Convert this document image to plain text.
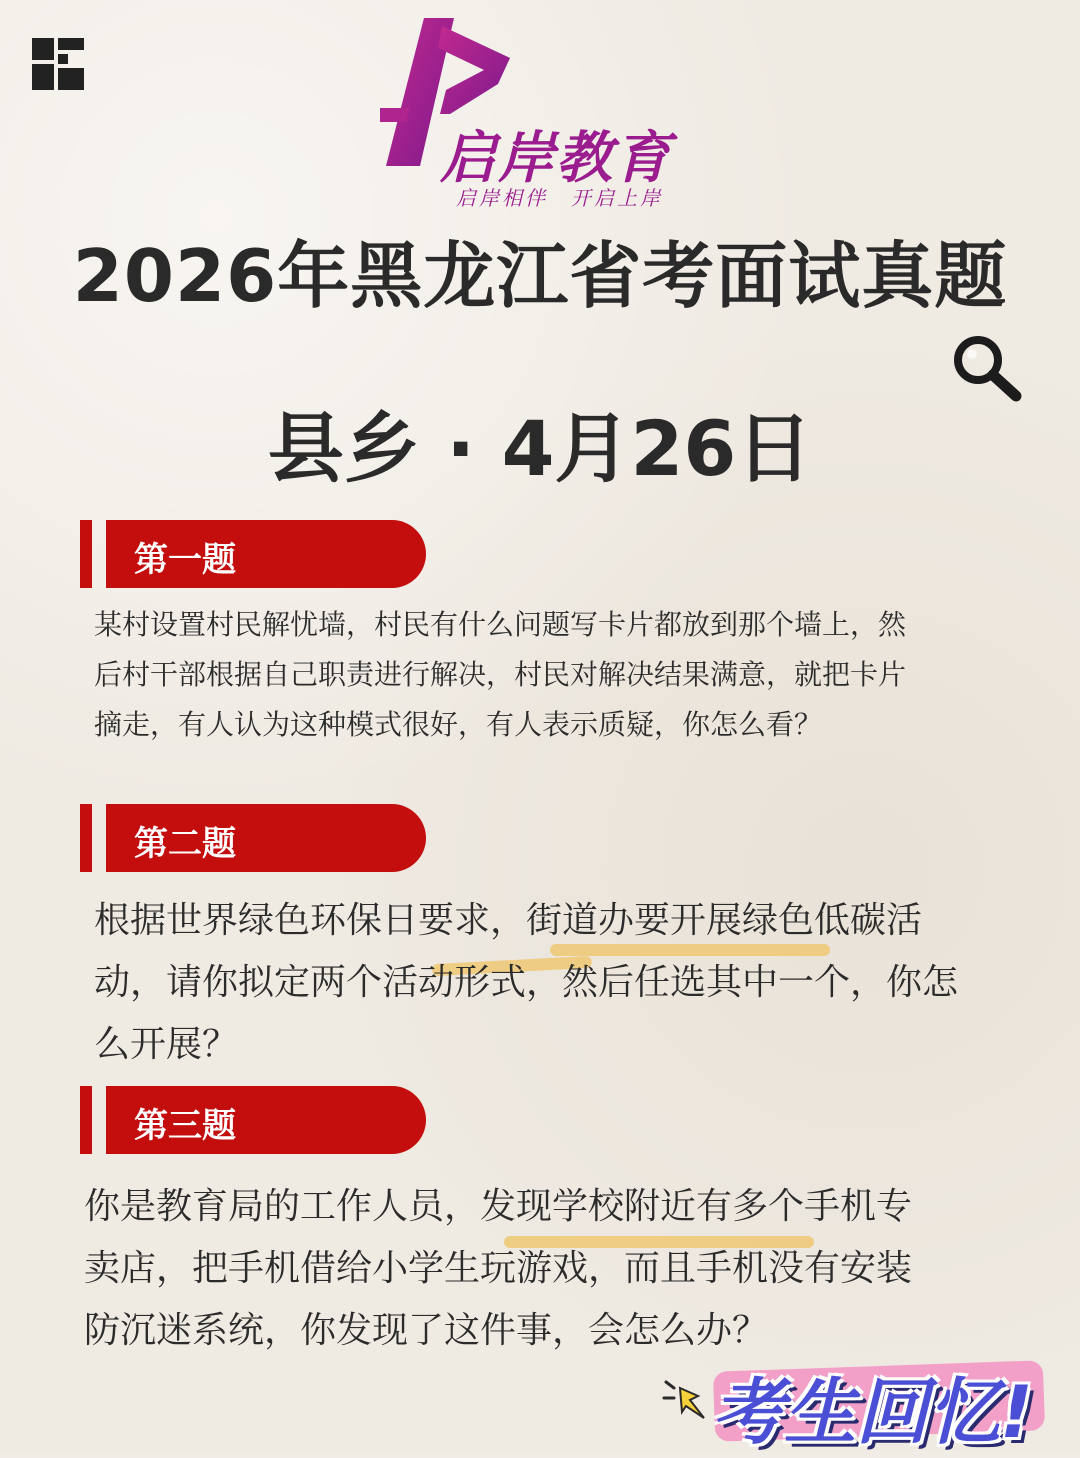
启岸教育
启岸相伴　开启上岸
2026年黑龙江省考面试真题
县乡 · 4月26日
第一题
某村设置村民解忧墙，村民有什么问题写卡片都放到那个墙上，然
后村干部根据自己职责进行解决，村民对解决结果满意，就把卡片
摘走，有人认为这种模式很好，有人表示质疑，你怎么看？
第二题
根据世界绿色环保日要求，街道办要开展绿色低碳活
动，请你拟定两个活动形式，然后任选其中一个，你怎
么开展？
第三题
你是教育局的工作人员，发现学校附近有多个手机专
卖店，把手机借给小学生玩游戏，而且手机没有安装
防沉迷系统，你发现了这件事，会怎么办？
考生回忆!
